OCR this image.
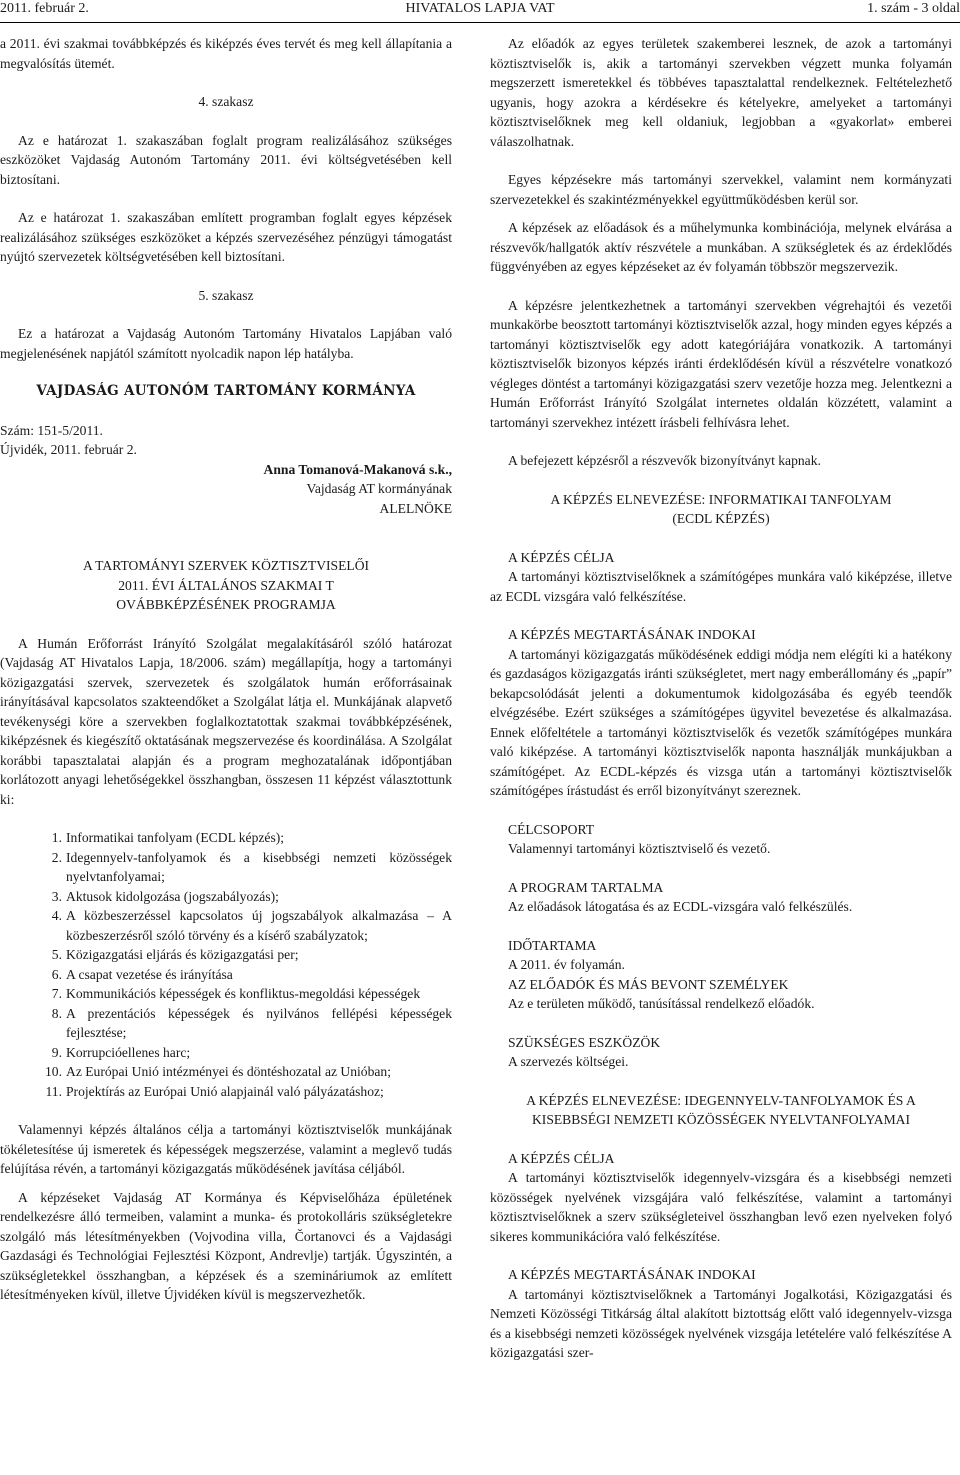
HIVATALOS LAPJA VAT
2011. február 2.	1. szám - 3 oldal

a 2011. évi szakmai továbbképzés és kiképzés éves tervét és meg kell állapítania a megvalósítás ütemét.

4. szakasz

Az e határozat 1. szakaszában foglalt program realizálásához szükséges eszközöket Vajdaság Autonóm Tartomány 2011. évi költségvetésében kell biztosítani.

Az e határozat 1. szakaszában említett programban foglalt egyes képzések realizálásához szükséges eszközöket a képzés szervezéséhez pénzügyi támogatást nyújtó szervezetek költségvetésében kell biztosítani.

5. szakasz

Ez a határozat a Vajdaság Autonóm Tartomány Hivatalos Lapjában való megjelenésének napjától számított nyolcadik napon lép hatályba.

VAJDASÁG AUTONÓM TARTOMÁNY KORMÁNYA

Szám: 151-5/2011.

Újvidék, 2011. február 2.

Anna Tomanová-Makanová s.k.,

Vajdaság AT kormányának

ALELNÖKE

A TARTOMÁNYI SZERVEK KÖZTISZTVISELŐI

2011. ÉVI ÁLTALÁNOS SZAKMAI T

OVÁBBKÉPZÉSÉNEK PROGRAMJA

A Humán Erőforrást Irányító Szolgálat megalakításáról szóló határozat (Vajdaság AT Hivatalos Lapja, 18/2006. szám) megállapítja, hogy a tartományi közigazgatási szervek, szervezetek és szolgálatok humán erőforrásainak irányításával kapcsolatos szakteendőket a Szolgálat látja el. Munkájának alapvető tevékenységi köre a szervekben foglalkoztatottak szakmai továbbképzésének, kiképzésnek és kiegészítő oktatásának megszervezése és koordinálása. A Szolgálat korábbi tapasztalatai alapján és a program meghozatalának időpontjában korlátozott anyagi lehetőségekkel összhangban, összesen 11 képzést választottunk ki:

1. Informatikai tanfolyam (ECDL képzés);
2. Idegennyelv-tanfolyamok és a kisebbségi nemzeti közösségek nyelvtanfolyamai;
3. Aktusok kidolgozása (jogszabályozás);
4. A közbeszerzéssel kapcsolatos új jogszabályok alkalmazása – A közbeszerzésről szóló törvény és a kísérő szabályzatok;
5. Közigazgatási eljárás és közigazgatási per;
6. A csapat vezetése és irányítása
7. Kommunikációs képességek és konfliktus-megoldási képességek
8. A prezentációs képességek és nyilvános fellépési képességek fejlesztése;
9. Korrupcióellenes harc;
10. Az Európai Unió intézményei és döntéshozatal az Unióban;
11. Projektírás az Európai Unió alapjainál való pályázatáshoz;

Valamennyi képzés általános célja a tartományi köztisztviselők munkájának tökéletesítése új ismeretek és képességek megszerzése, valamint a meglevő tudás felújítása révén, a tartományi közigazgatás működésének javítása céljából.

A képzéseket Vajdaság AT Kormánya és Képviselőháza épületének rendelkezésre álló termeiben, valamint a munka- és protokolláris szükségletekre szolgáló más létesítményekben (Vojvodina villa, Čortanovci és a Vajdasági Gazdasági és Technológiai Fejlesztési Központ, Andrevlje) tartják. Úgyszintén, a szükségletekkel összhangban, a képzések és a szemináriumok az említett létesítményeken kívül, illetve Újvidéken kívül is megszervezhetők.

Az előadók az egyes területek szakemberei lesznek, de azok a tartományi köztisztviselők is, akik a tartományi szervekben végzett munka folyamán megszerzett ismeretekkel és többéves tapasztalattal rendelkeznek. Feltételezhető ugyanis, hogy azokra a kérdésekre és kételyekre, amelyeket a tartományi köztisztviselőknek meg kell oldaniuk, legjobban a «gyakorlat» emberei válaszolhatnak.

Egyes képzésekre más tartományi szervekkel, valamint nem kormányzati szervezetekkel és szakintézményekkel együttműködésben kerül sor.

A képzések az előadások és a műhelymunka kombinációja, melynek elvárása a részvevők/hallgatók aktív részvétele a munkában. A szükségletek és az érdeklődés függvényében az egyes képzéseket az év folyamán többször megszervezik.

A képzésre jelentkezhetnek a tartományi szervekben végrehajtói és vezetői munkakörbe beosztott tartományi köztisztviselők azzal, hogy minden egyes képzés a tartományi köztisztviselők egy adott kategóriájára vonatkozik. A tartományi köztisztviselők bizonyos képzés iránti érdeklődésén kívül a részvételre vonatkozó végleges döntést a tartományi közigazgatási szerv vezetője hozza meg. Jelentkezni a Humán Erőforrást Irányító Szolgálat internetes oldalán közzétett, valamint a tartományi szervekhez intézett írásbeli felhívásra lehet.

A befejezett képzésről a részvevők bizonyítványt kapnak.

A KÉPZÉS ELNEVEZÉSE: INFORMATIKAI TANFOLYAM

(ECDL KÉPZÉS)

A KÉPZÉS CÉLJA

A tartományi köztisztviselőknek a számítógépes munkára való kiképzése, illetve az ECDL vizsgára való felkészítése.

A KÉPZÉS MEGTARTÁSÁNAK INDOKAI

A tartományi közigazgatás működésének eddigi módja nem elégíti ki a hatékony és gazdaságos közigazgatás iránti szükségletet, mert nagy emberállomány és „papír” bekapcsolódását jelenti a dokumentumok kidolgozásába és egyéb teendők elvégzésébe. Ezért szükséges a számítógépes ügyvitel bevezetése és alkalmazása. Ennek előfeltétele a tartományi köztisztviselők és vezetők számítógépes munkára való kiképzése. A tartományi köztisztviselők naponta használják munkájukban a számítógépet. Az ECDL-képzés és vizsga után a tartományi köztisztviselők számítógépes írástudást és erről bizonyítványt szereznek.

CÉLCSOPORT

Valamennyi tartományi köztisztviselő és vezető.

A PROGRAM TARTALMA

Az előadások látogatása és az ECDL-vizsgára való felkészülés.

IDŐTARTAMA

A 2011. év folyamán.

AZ ELŐADÓK ÉS MÁS BEVONT SZEMÉLYEK

Az e területen működő, tanúsítással rendelkező előadók.

SZÜKSÉGES ESZKÖZÖK

A szervezés költségei.

A KÉPZÉS ELNEVEZÉSE: IDEGENNYELV-TANFOLYAMOK ÉS A

KISEBBSÉGI NEMZETI KÖZÖSSÉGEK NYELVTANFOLYAMAI

A KÉPZÉS CÉLJA

A tartományi köztisztviselők idegennyelv-vizsgára és a kisebbségi nemzeti közösségek nyelvének vizsgájára való felkészítése, valamint a tartományi köztisztviselőknek a szerv szükségleteivel összhangban levő ezen nyelveken folyó sikeres kommunikációra való felkészítése.

A KÉPZÉS MEGTARTÁSÁNAK INDOKAI

A tartományi köztisztviselőknek a Tartományi Jogalkotási, Közigazgatási és Nemzeti Közösségi Titkárság által alakított biztottság előtt való idegennyelv-vizsga és a kisebbségi nemzeti közösségek nyelvének vizsgája letételére való felkészítése A közigazgatási szer-
